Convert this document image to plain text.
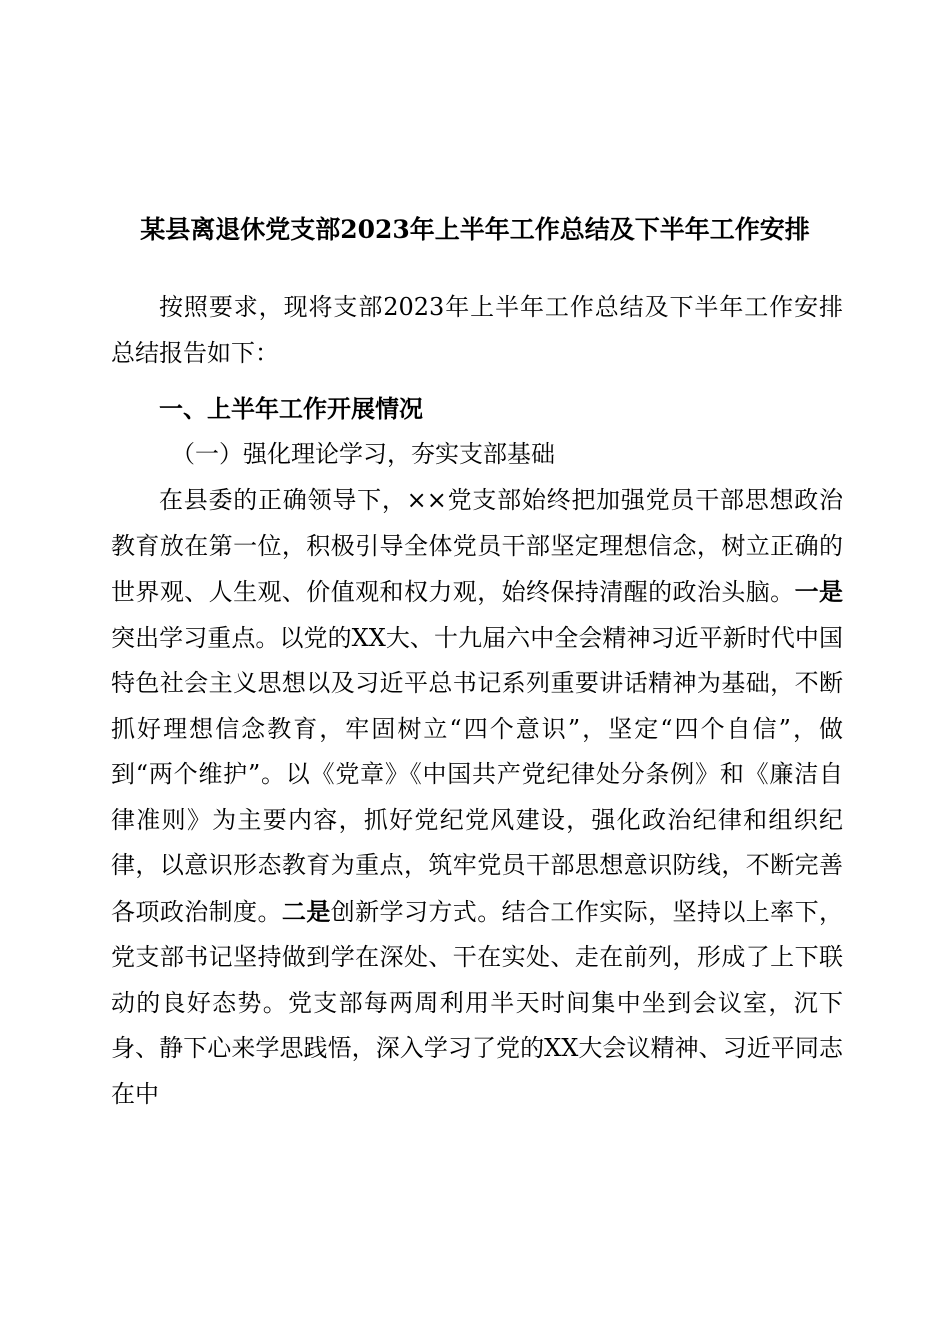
某县离退休党支部2023年上半年工作总结及下半年工作安排
按照要求，现将支部2023年上半年工作总结及下半年工作安排总结报告如下：
一、上半年工作开展情况
（一）强化理论学习，夯实支部基础
在县委的正确领导下，××党支部始终把加强党员干部思想政治教育放在第一位，积极引导全体党员干部坚定理想信念，树立正确的世界观、人生观、价值观和权力观，始终保持清醒的政治头脑。一是突出学习重点。以党的XX大、十九届六中全会精神习近平新时代中国特色社会主义思想以及习近平总书记系列重要讲话精神为基础，不断抓好理想信念教育，牢固树立“四个意识”，坚定“四个自信”，做到“两个维护”。以《党章》《中国共产党纪律处分条例》和《廉洁自律准则》为主要内容，抓好党纪党风建设，强化政治纪律和组织纪律，以意识形态教育为重点，筑牢党员干部思想意识防线，不断完善各项政治制度。二是创新学习方式。结合工作实际，坚持以上率下，党支部书记坚持做到学在深处、干在实处、走在前列，形成了上下联动的良好态势。党支部每两周利用半天时间集中坐到会议室，沉下身、静下心来学思践悟，深入学习了党的XX大会议精神、习近平同志在中
